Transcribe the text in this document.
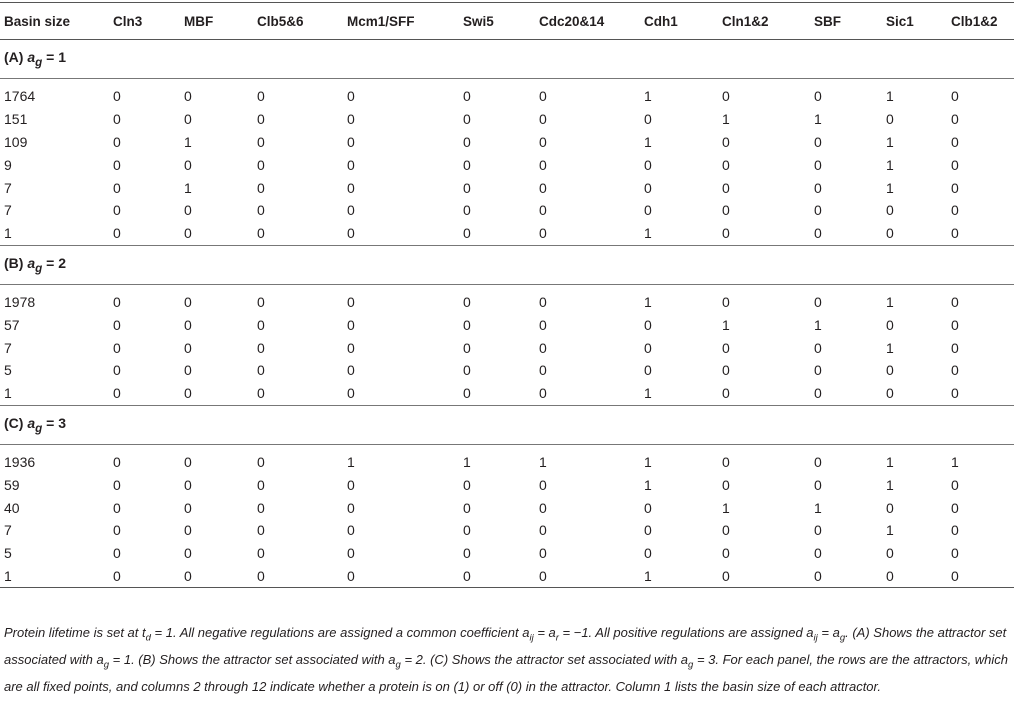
Basin size	Cln3	MBF	Clb5&6	Mcm1/SFF	Swi5	Cdc20&14	Cdh1	Cln1&2	SBF	Sic1	Clb1&2
(A) $a_g = 1$											

1764	0	0	0	0	0	0	1	0	0	1	0
151	0	0	0	0	0	0	0	1	1	0	0
109	0	1	0	0	0	0	1	0	0	1	0
9	0	0	0	0	0	0	0	0	0	1	0
7	0	1	0	0	0	0	0	0	0	1	0
7	0	0	0	0	0	0	0	0	0	0	0
1	0	0	0	0	0	0	1	0	0	0	0
(B) $a_g = 2$											

1978	0	0	0	0	0	0	1	0	0	1	0
57	0	0	0	0	0	0	0	1	1	0	0
7	0	0	0	0	0	0	0	0	0	1	0
5	0	0	0	0	0	0	0	0	0	0	0
1	0	0	0	0	0	0	1	0	0	0	0
(C) $a_g = 3$											

1936	0	0	0	1	1	1	1	0	0	1	1
59	0	0	0	0	0	0	1	0	0	1	0
40	0	0	0	0	0	0	0	1	1	0	0
7	0	0	0	0	0	0	0	0	0	1	0
5	0	0	0	0	0	0	0	0	0	0	0
1	0	0	0	0	0	0	1	0	0	0	0
Protein lifetime is set at $t_d = 1$. All negative regulations are assigned a common coefficient $a_{ij} = a_r = -1$. All positive regulations are assigned $a_{ij} = a_g$. (A) Shows the attractor set associated with $a_g = 1$. (B) Shows the attractor set associated with $a_g = 2$. (C) Shows the attractor set associated with $a_g = 3$. For each panel, the rows are the attractors, which are all fixed points, and columns 2 through 12 indicate whether a protein is on (1) or off (0) in the attractor. Column 1 lists the basin size of each attractor.
